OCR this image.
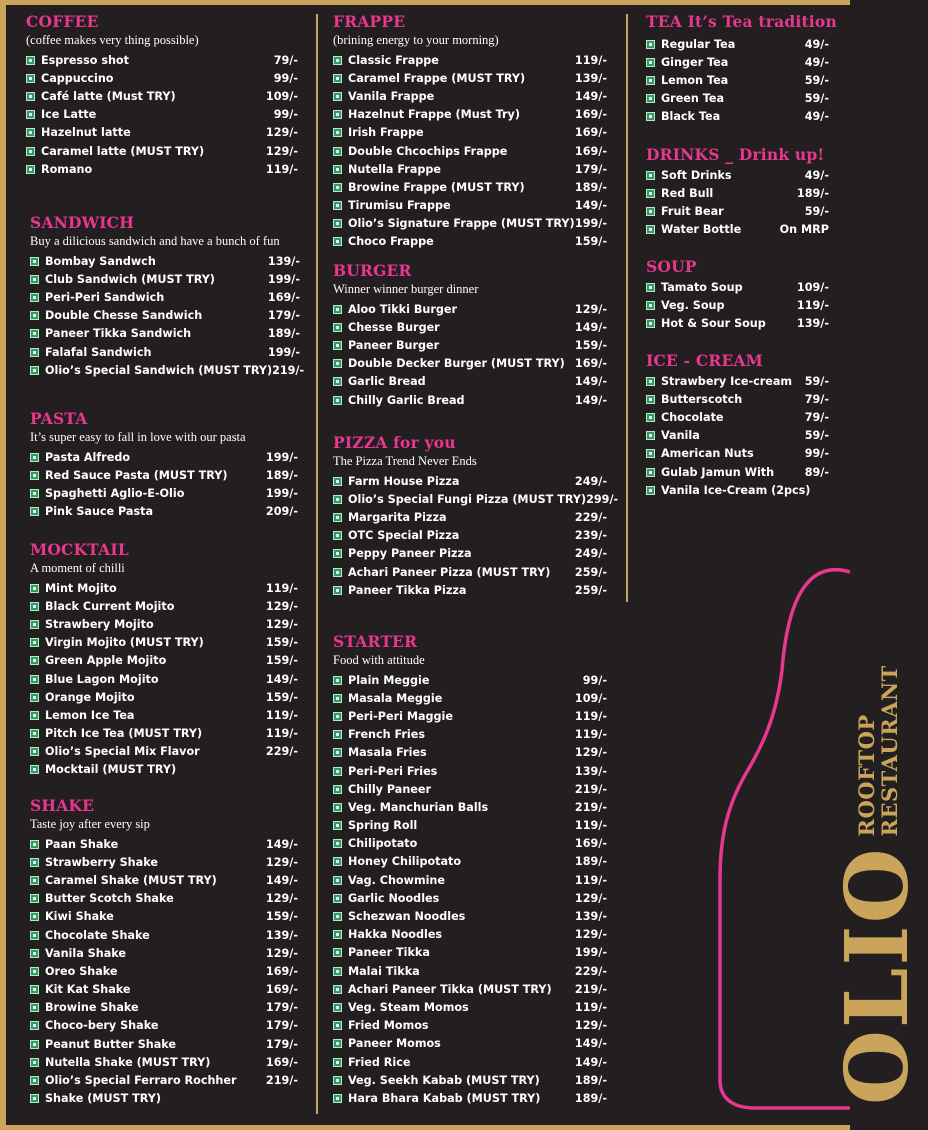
COFFEE
(coffee makes very thing possible)
Espresso shot	79/-
Cappuccino	99/-
Café latte (Must TRY)	109/-
Ice Latte	99/-
Hazelnut latte	129/-
Caramel latte (MUST TRY)	129/-
Romano	119/-
SANDWICH
Buy a dilicious sandwich and have a bunch of fun
Bombay Sandwch	139/-
Club Sandwich (MUST TRY)	199/-
Peri-Peri Sandwich	169/-
Double Chesse Sandwich	179/-
Paneer Tikka Sandwich	189/-
Falafal Sandwich	199/-
Olio’s Special Sandwich (MUST TRY) 219/-
PASTA
It’s super easy to fall in love with our pasta
Pasta Alfredo	199/-
Red Sauce Pasta (MUST TRY)	189/-
Spaghetti Aglio-E-Olio	199/-
Pink Sauce Pasta	209/-
MOCKTAIL
A moment of chilli
Mint Mojito	119/-
Black Current Mojito	129/-
Strawbery Mojito	129/-
Virgin Mojito (MUST TRY)	159/-
Green Apple Mojito	159/-
Blue Lagon Mojito	149/-
Orange Mojito	159/-
Lemon Ice Tea	119/-
Pitch Ice Tea (MUST TRY)	119/-
Olio’s Special Mix Flavor	229/-
Mocktail (MUST TRY)
SHAKE
Taste joy after every sip
Paan Shake	149/-
Strawberry Shake	129/-
Caramel Shake (MUST TRY)	149/-
Butter Scotch Shake	129/-
Kiwi Shake	159/-
Chocolate Shake	139/-
Vanila Shake	129/-
Oreo Shake	169/-
Kit Kat Shake	169/-
Browine Shake	179/-
Choco-bery Shake	179/-
Peanut Butter Shake	179/-
Nutella Shake (MUST TRY)	169/-
Olio’s Special Ferraro Rochher	219/-
Shake (MUST TRY)
FRAPPE
(brining energy to your morning)
Classic Frappe	119/-
Caramel Frappe (MUST TRY)	139/-
Vanila Frappe	149/-
Hazelnut Frappe (Must Try)	169/-
Irish Frappe	169/-
Double Chcochips Frappe	169/-
Nutella Frappe	179/-
Browine Frappe (MUST TRY)	189/-
Tirumisu Frappe	149/-
Olio’s Signature Frappe (MUST TRY) 199/-
Choco Frappe	159/-
BURGER
Winner winner burger dinner
Aloo Tikki Burger	129/-
Chesse Burger	149/-
Paneer Burger	159/-
Double Decker Burger (MUST TRY) 169/-
Garlic Bread	149/-
Chilly Garlic Bread	149/-
PIZZA for you
The Pizza Trend Never Ends
Farm House Pizza	249/-
Olio’s Special Fungi Pizza (MUST TRY) 299/-
Margarita Pizza	229/-
OTC Special Pizza	239/-
Peppy Paneer Pizza	249/-
Achari Paneer Pizza (MUST TRY)	259/-
Paneer Tikka Pizza	259/-
STARTER
Food with attitude
Plain Meggie	99/-
Masala Meggie	109/-
Peri-Peri Maggie	119/-
French Fries	119/-
Masala Fries	129/-
Peri-Peri Fries	139/-
Chilly Paneer	219/-
Veg. Manchurian Balls	219/-
Spring Roll	119/-
Chilipotato	169/-
Honey Chilipotato	189/-
Vag. Chowmine	119/-
Garlic Noodles	129/-
Schezwan Noodles	139/-
Hakka Noodles	129/-
Paneer Tikka	199/-
Malai Tikka	229/-
Achari Paneer Tikka (MUST TRY)	219/-
Veg. Steam Momos	119/-
Fried Momos	129/-
Paneer Momos	149/-
Fried Rice	149/-
Veg. Seekh Kabab (MUST TRY)	189/-
Hara Bhara Kabab (MUST TRY)	189/-
TEA It’s Tea tradition
Regular Tea	49/-
Ginger Tea	49/-
Lemon Tea	59/-
Green Tea	59/-
Black Tea	49/-
DRINKS _ Drink up!
Soft Drinks	49/-
Red Bull	189/-
Fruit Bear	59/-
Water Bottle	On MRP
SOUP
Tamato Soup	109/-
Veg. Soup	119/-
Hot & Sour Soup	139/-
ICE - CREAM
Strawbery Ice-cream	59/-
Butterscotch	79/-
Chocolate	79/-
Vanila	59/-
American Nuts	99/-
Gulab Jamun With	89/-
Vanila Ice-Cream (2pcs)
OLIO
ROOFTOP
RESTAURANT
